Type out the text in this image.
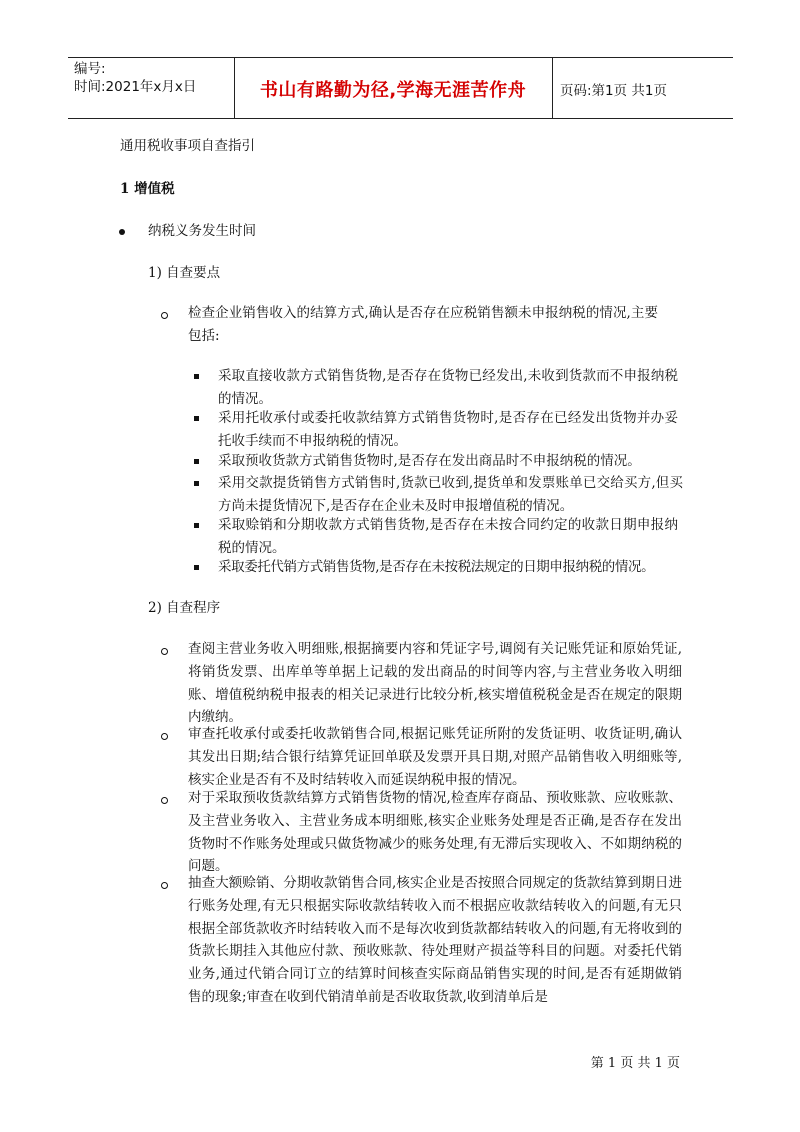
编号:
时间:2021年x月x日	书山有路勤为径,学海无涯苦作舟	页码:第1页 共1页
通用税收事项自查指引
1 增值税
纳税义务发生时间
1) 自查要点
检查企业销售收入的结算方式,确认是否存在应税销售额未申报纳税的情况,主要包括:
采取直接收款方式销售货物,是否存在货物已经发出,未收到货款而不申报纳税的情况。
采用托收承付或委托收款结算方式销售货物时,是否存在已经发出货物并办妥托收手续而不申报纳税的情况。
采取预收货款方式销售货物时,是否存在发出商品时不申报纳税的情况。
采用交款提货销售方式销售时,货款已收到,提货单和发票账单已交给买方,但买方尚未提货情况下,是否存在企业未及时申报增值税的情况。
采取赊销和分期收款方式销售货物,是否存在未按合同约定的收款日期申报纳税的情况。
采取委托代销方式销售货物,是否存在未按税法规定的日期申报纳税的情况。
2) 自查程序
查阅主营业务收入明细账,根据摘要内容和凭证字号,调阅有关记账凭证和原始凭证,将销货发票、出库单等单据上记载的发出商品的时间等内容,与主营业务收入明细账、增值税纳税申报表的相关记录进行比较分析,核实增值税税金是否在规定的限期内缴纳。
审查托收承付或委托收款销售合同,根据记账凭证所附的发货证明、收货证明,确认其发出日期;结合银行结算凭证回单联及发票开具日期,对照产品销售收入明细账等,核实企业是否有不及时结转收入而延误纳税申报的情况。
对于采取预收货款结算方式销售货物的情况,检查库存商品、预收账款、应收账款、及主营业务收入、主营业务成本明细账,核实企业账务处理是否正确,是否存在发出货物时不作账务处理或只做货物减少的账务处理,有无滞后实现收入、不如期纳税的问题。
抽查大额赊销、分期收款销售合同,核实企业是否按照合同规定的货款结算到期日进行账务处理,有无只根据实际收款结转收入而不根据应收款结转收入的问题,有无只根据全部货款收齐时结转收入而不是每次收到货款都结转收入的问题,有无将收到的货款长期挂入其他应付款、预收账款、待处理财产损益等科目的问题。对委托代销业务,通过代销合同订立的结算时间核查实际商品销售实现的时间,是否有延期做销售的现象;审查在收到代销清单前是否收取货款,收到清单后是
第 1 页 共 1 页
